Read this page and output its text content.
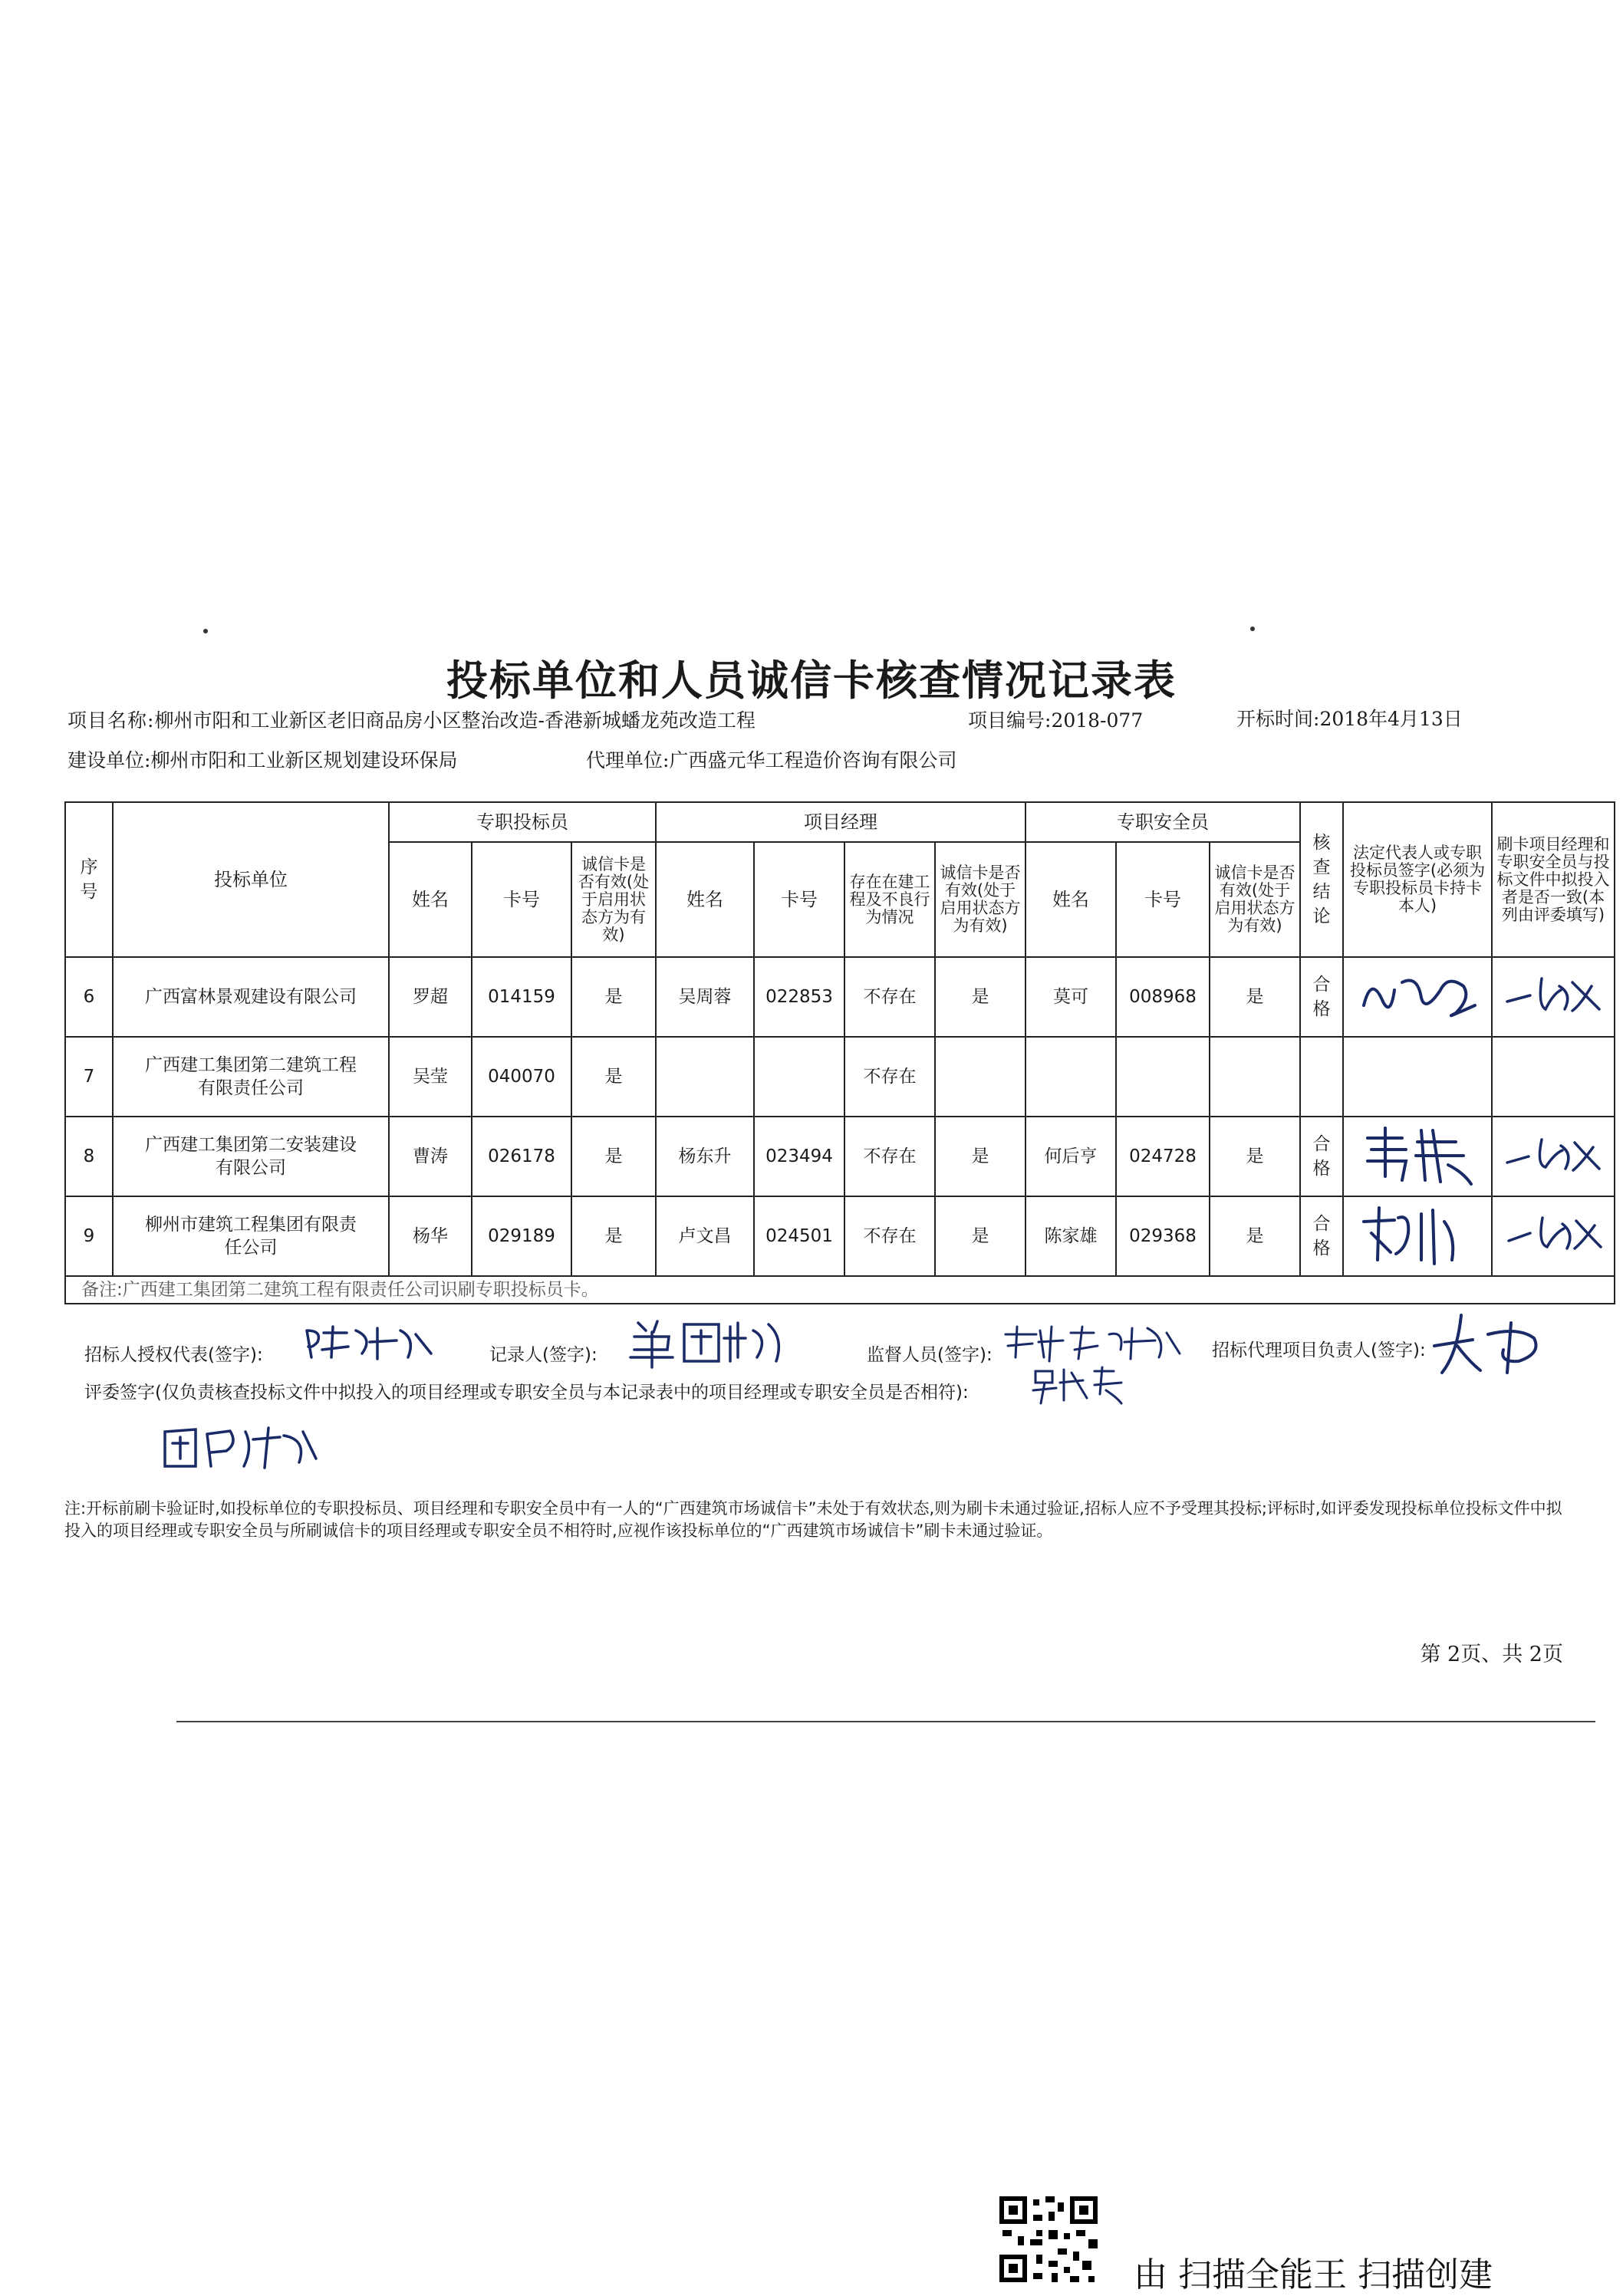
投标单位和人员诚信卡核查情况记录表
项目名称:柳州市阳和工业新区老旧商品房小区整治改造-香港新城蟠龙苑改造工程	项目编号:2018-077	开标时间:2018年4月13日
建设单位:柳州市阳和工业新区规划建设环保局	代理单位:广西盛元华工程造价咨询有限公司
序号	投标单位	专职投标员			项目经理				专职安全员			核查结论	法定代表人或专职投标员签字(必须为专职投标员卡持卡本人)	刷卡项目经理和专职安全员与投标文件中拟投入者是否一致(本列由评委填写)
		姓名	卡号	诚信卡是否有效(处于启用状态方为有效)	姓名	卡号	存在在建工程及不良行为情况	诚信卡是否有效(处于启用状态方为有效)	姓名	卡号	诚信卡是否有效(处于启用状态方为有效)			
6	广西富林景观建设有限公司	罗超	014159	是	吴周蓉	022853	不存在	是	莫可	008968	是	合格		
7	广西建工集团第二建筑工程有限责任公司	吴莹	040070	是			不存在							
8	广西建工集团第二安装建设有限公司	曹涛	026178	是	杨东升	023494	不存在	是	何后亨	024728	是	合格		
9	柳州市建筑工程集团有限责任公司	杨华	029189	是	卢文昌	024501	不存在	是	陈家雄	029368	是	合格		
备注:广西建工集团第二建筑工程有限责任公司识刷专职投标员卡。														
招标人授权代表(签字):	记录人(签字):	监督人员(签字):	招标代理项目负责人(签字):
评委签字(仅负责核查投标文件中拟投入的项目经理或专职安全员与本记录表中的项目经理或专职安全员是否相符):
注:开标前刷卡验证时,如投标单位的专职投标员、项目经理和专职安全员中有一人的“广西建筑市场诚信卡”未处于有效状态,则为刷卡未通过验证,招标人应不予受理其投标;评标时,如评委发现投标单位投标文件中拟投入的项目经理或专职安全员与所刷诚信卡的项目经理或专职安全员不相符时,应视作该投标单位的“广西建筑市场诚信卡”刷卡未通过验证。
第 2页、共 2页
由 扫描全能王 扫描创建
